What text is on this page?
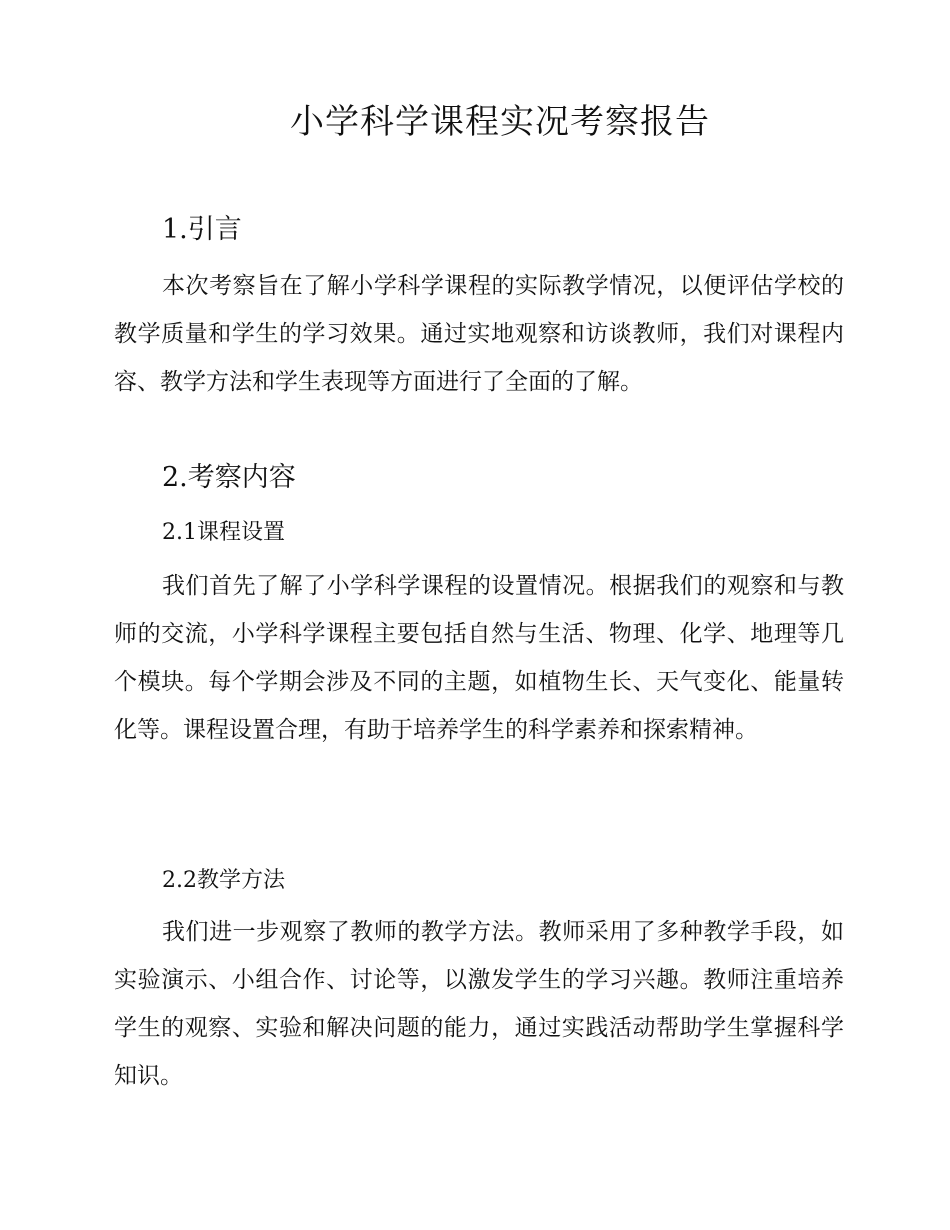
小学科学课程实况考察报告
1.引言

本次考察旨在了解小学科学课程的实际教学情况，以便评估学校的教学质量和学生的学习效果。通过实地观察和访谈教师，我们对课程内容、教学方法和学生表现等方面进行了全面的了解。

2.考察内容
2.1课程设置

我们首先了解了小学科学课程的设置情况。根据我们的观察和与教师的交流，小学科学课程主要包括自然与生活、物理、化学、地理等几个模块。每个学期会涉及不同的主题，如植物生长、天气变化、能量转化等。课程设置合理，有助于培养学生的科学素养和探索精神。

2.2教学方法

我们进一步观察了教师的教学方法。教师采用了多种教学手段，如实验演示、小组合作、讨论等，以激发学生的学习兴趣。教师注重培养学生的观察、实验和解决问题的能力，通过实践活动帮助学生掌握科学知识。
